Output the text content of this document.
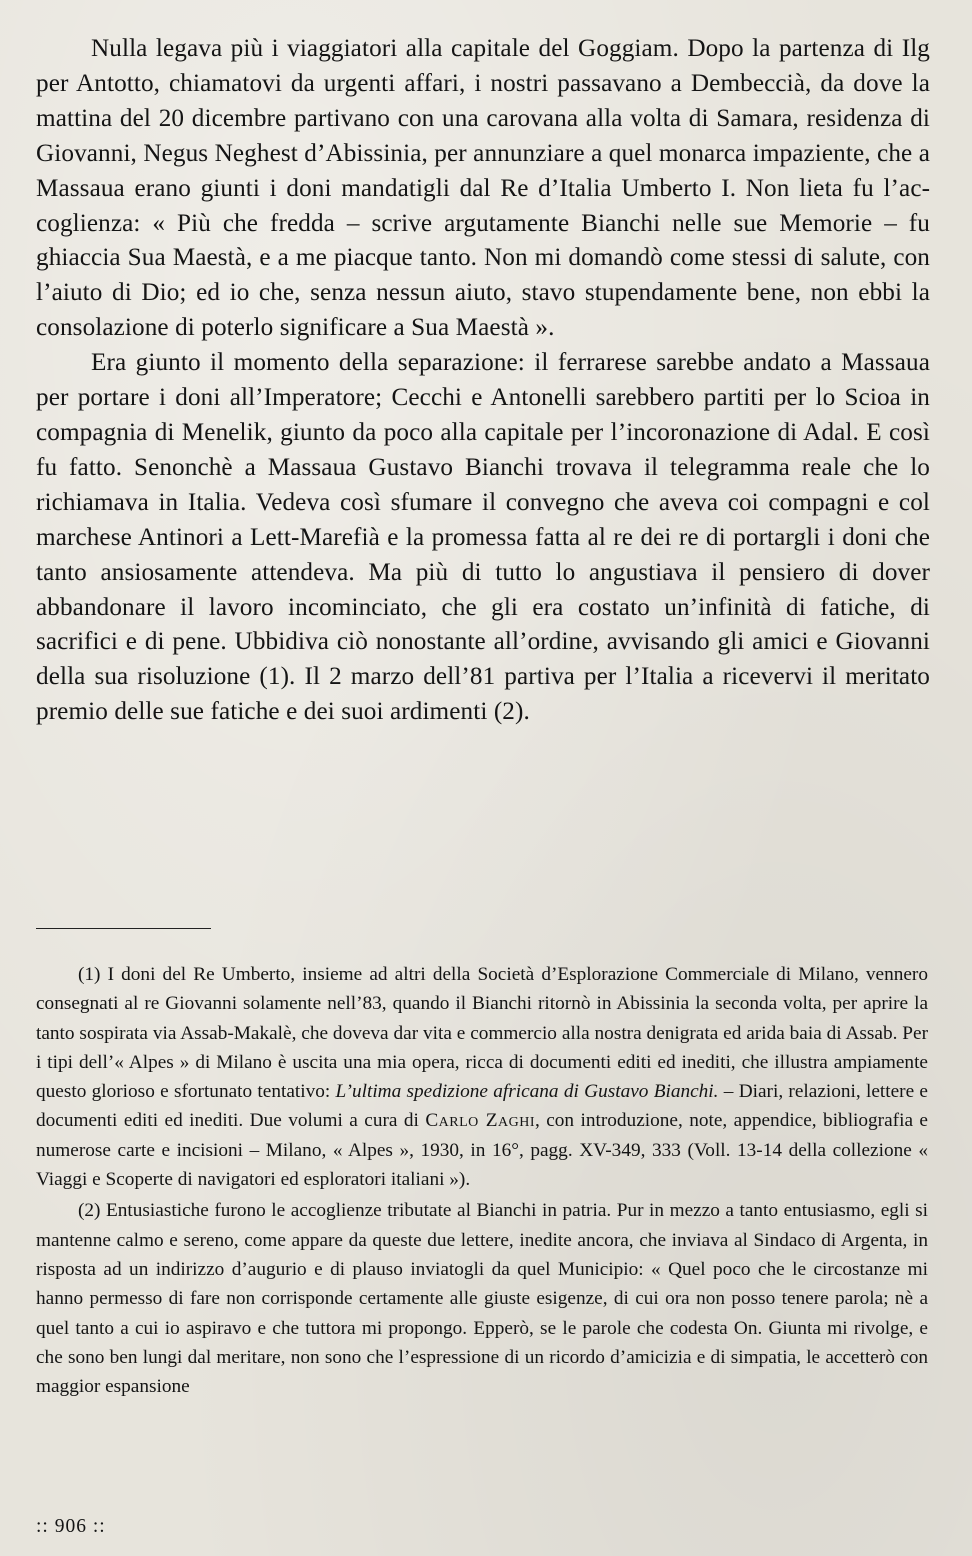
Nulla legava più i viaggiatori alla capitale del Goggiam. Dopo la partenza di Ilg per Antotto, chiamatovi da urgenti affari, i nostri passavano a Dembeccià, da dove la mattina del 20 dicembre partivano con una carovana alla volta di Samara, residenza di Giovanni, Negus Neghest d’Abissinia, per annunziare a quel monarca impaziente, che a Massaua erano giunti i doni mandatigli dal Re d’Italia Umberto I. Non lieta fu l’accoglienza: « Più che fredda – scrive argutamente Bianchi nelle sue Memorie – fu ghiaccia Sua Maestà, e a me piacque tanto. Non mi domandò come stessi di salute, con l’aiuto di Dio; ed io che, senza nessun aiuto, stavo stupendamente bene, non ebbi la consolazione di poterlo significare a Sua Maestà ».

Era giunto il momento della separazione: il ferrarese sarebbe andato a Massaua per portare i doni all’Imperatore; Cecchi e Antonelli sarebbero partiti per lo Scioa in compagnia di Menelik, giunto da poco alla capitale per l’incoronazione di Adal. E così fu fatto. Senonchè a Massaua Gustavo Bianchi trovava il telegramma reale che lo richiamava in Italia. Vedeva così sfumare il convegno che aveva coi compagni e col marchese Antinori a Lett-Marefià e la promessa fatta al re dei re di portargli i doni che tanto ansiosamente attendeva. Ma più di tutto lo angustiava il pensiero di dover abbandonare il lavoro incominciato, che gli era costato un’infinità di fatiche, di sacrifici e di pene. Ubbidiva ciò nonostante all’ordine, avvisando gli amici e Giovanni della sua risoluzione (1). Il 2 marzo dell’81 partiva per l’Italia a ricevervi il meritato premio delle sue fatiche e dei suoi ardimenti (2).

(1) I doni del Re Umberto, insieme ad altri della Società d’Esplorazione Commerciale di Milano, vennero consegnati al re Giovanni solamente nell’83, quando il Bianchi ritornò in Abissinia la seconda volta, per aprire la tanto sospirata via Assab-Makalè, che doveva dar vita e commercio alla nostra denigrata ed arida baia di Assab. Per i tipi dell’« Alpes » di Milano è uscita una mia opera, ricca di documenti editi ed inediti, che illustra ampiamente questo glorioso e sfortunato tentativo: L’ultima spedizione africana di Gustavo Bianchi. – Diari, relazioni, lettere e documenti editi ed inediti. Due volumi a cura di Carlo Zaghi, con introduzione, note, appendice, bibliografia e numerose carte e incisioni – Milano, « Alpes », 1930, in 16°, pagg. XV-349, 333 (Voll. 13-14 della collezione « Viaggi e Scoperte di navigatori ed esploratori italiani »).

(2) Entusiastiche furono le accoglienze tributate al Bianchi in patria. Pur in mezzo a tanto entusiasmo, egli si mantenne calmo e sereno, come appare da queste due lettere, inedite ancora, che inviava al Sindaco di Argenta, in risposta ad un indirizzo d’augurio e di plauso inviatogli da quel Municipio: « Quel poco che le circostanze mi hanno permesso di fare non corrisponde certamente alle giuste esigenze, di cui ora non posso tenere parola; nè a quel tanto a cui io aspiravo e che tuttora mi propongo. Epperò, se le parole che codesta On. Giunta mi rivolge, e che sono ben lungi dal meritare, non sono che l’espressione di un ricordo d’amicizia e di simpatia, le accetterò con maggior espansione

:: 906 ::
